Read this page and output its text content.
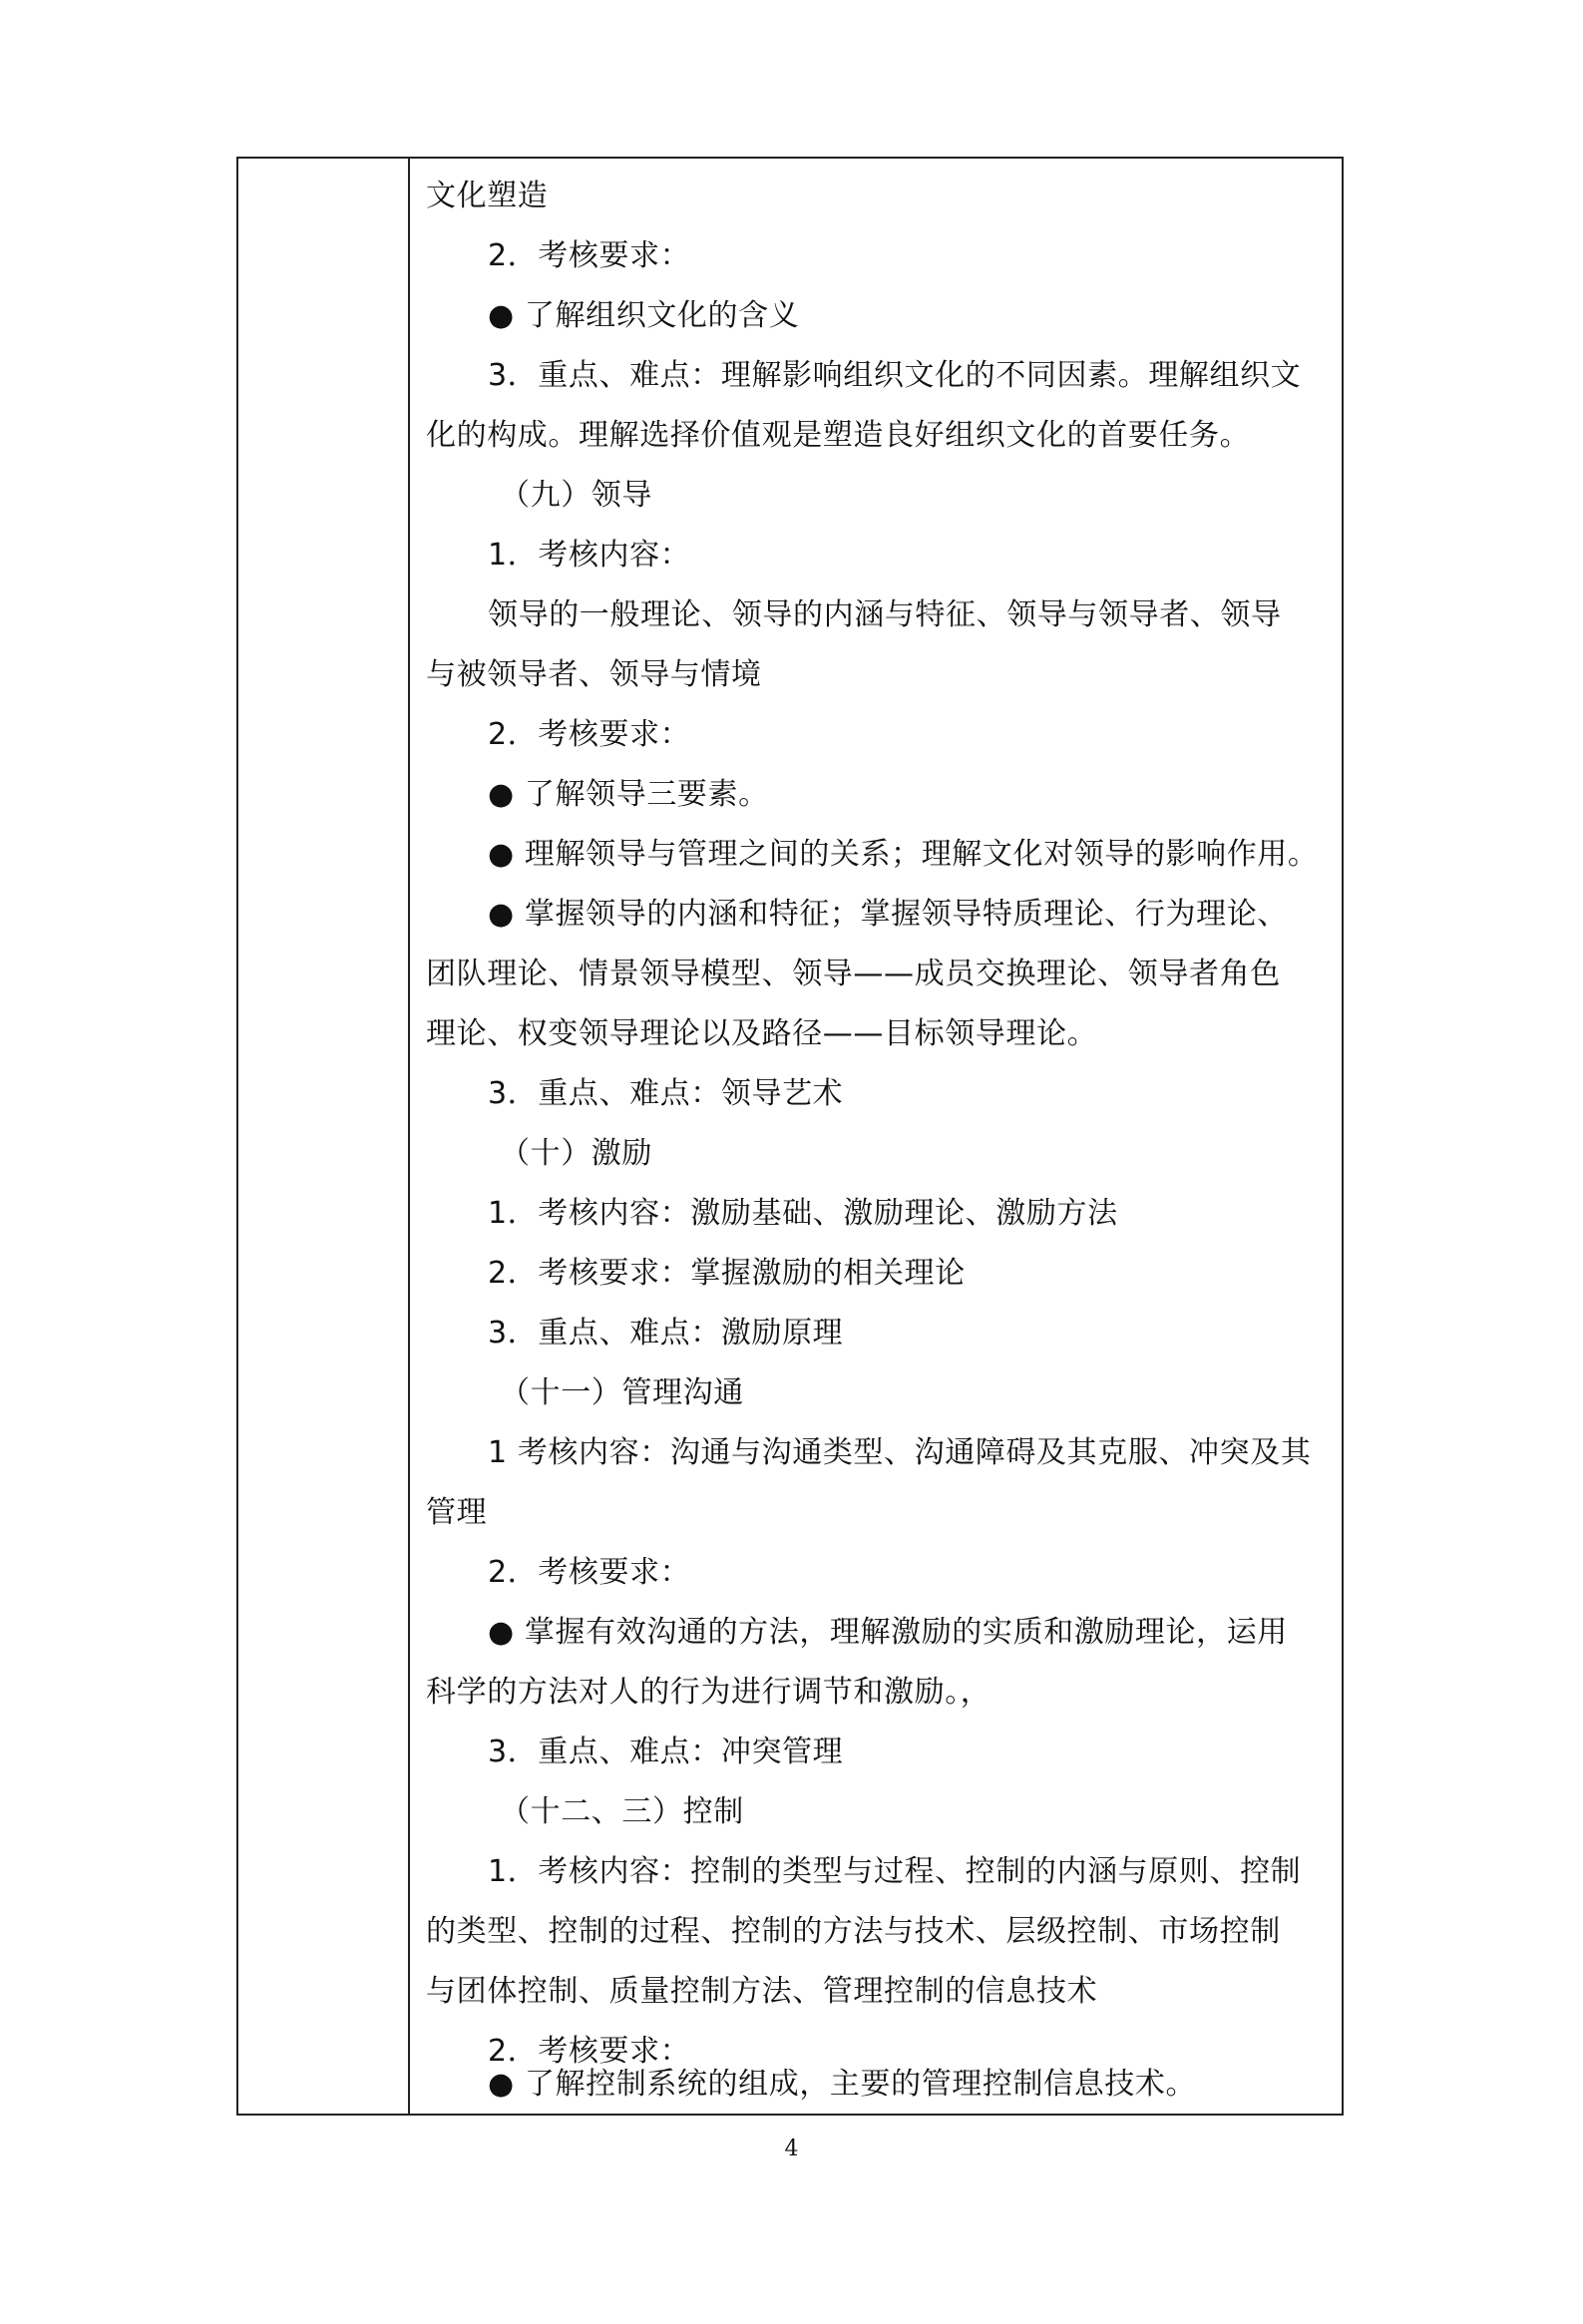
文化塑造
2．考核要求：
● 了解组织文化的含义
3．重点、难点：理解影响组织文化的不同因素。理解组织文
化的构成。理解选择价值观是塑造良好组织文化的首要任务。
（九）领导
1．考核内容：
领导的一般理论、领导的内涵与特征、领导与领导者、领导
与被领导者、领导与情境
2．考核要求：
● 了解领导三要素。
● 理解领导与管理之间的关系；理解文化对领导的影响作用。
● 掌握领导的内涵和特征；掌握领导特质理论、行为理论、
团队理论、情景领导模型、领导——成员交换理论、领导者角色
理论、权变领导理论以及路径——目标领导理论。
3．重点、难点：领导艺术
（十）激励
1．考核内容：激励基础、激励理论、激励方法
2．考核要求：掌握激励的相关理论
3．重点、难点：激励原理
（十一）管理沟通
1 考核内容：沟通与沟通类型、沟通障碍及其克服、冲突及其
管理
2．考核要求：
● 掌握有效沟通的方法，理解激励的实质和激励理论，运用
科学的方法对人的行为进行调节和激励。，
3．重点、难点：冲突管理
（十二、三）控制
1．考核内容：控制的类型与过程、控制的内涵与原则、控制
的类型、控制的过程、控制的方法与技术、层级控制、市场控制
与团体控制、质量控制方法、管理控制的信息技术
2．考核要求：
● 了解控制系统的组成，主要的管理控制信息技术。
4
